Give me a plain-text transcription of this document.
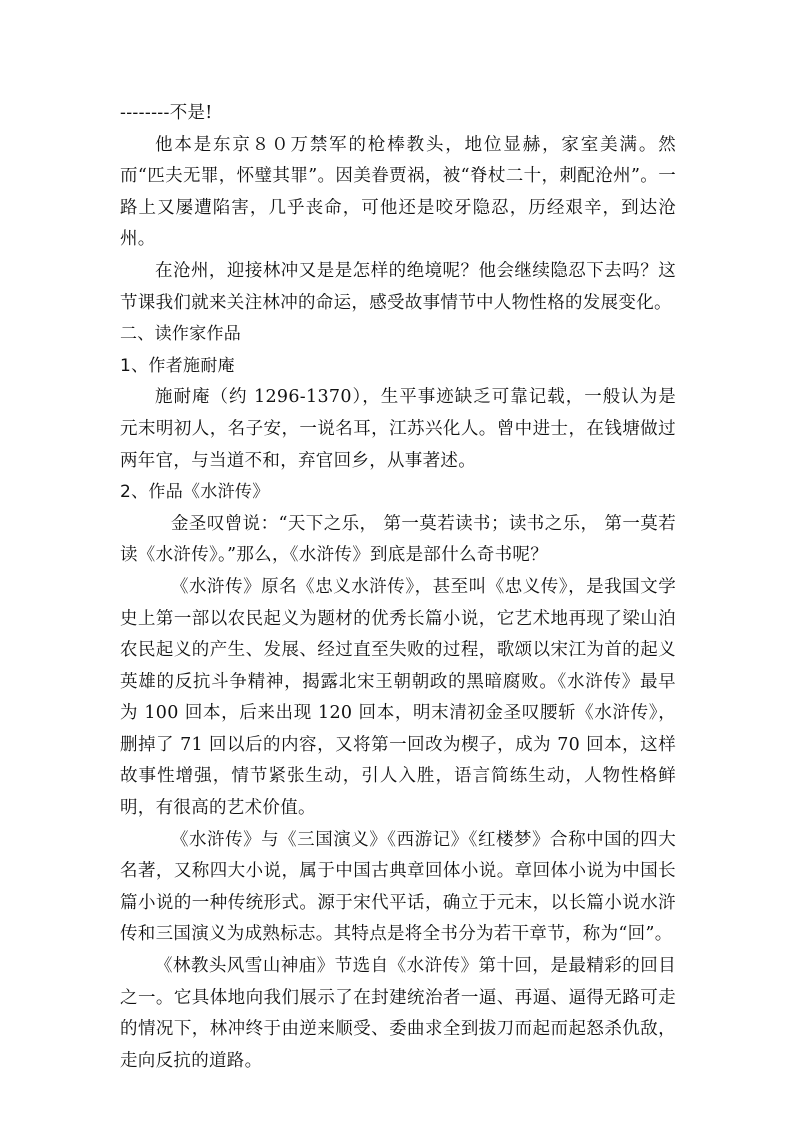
--------不是!

他本是东京８０万禁军的枪棒教头，地位显赫，家室美满。然而“匹夫无罪，怀璧其罪”。因美眷贾祸，被“脊杖二十，刺配沧州”。一路上又屡遭陷害，几乎丧命，可他还是咬牙隐忍，历经艰辛，到达沧州。

在沧州，迎接林冲又是是怎样的绝境呢？他会继续隐忍下去吗？这节课我们就来关注林冲的命运，感受故事情节中人物性格的发展变化。

二、读作家作品

1、作者施耐庵

施耐庵（约 1296-1370），生平事迹缺乏可靠记载，一般认为是元末明初人，名子安，一说名耳，江苏兴化人。曾中进士，在钱塘做过两年官，与当道不和，弃官回乡，从事著述。

2、作品《水浒传》

金圣叹曾说：“天下之乐， 第一莫若读书；读书之乐， 第一莫若读《水浒传》。”那么，《水浒传》到底是部什么奇书呢？

《水浒传》原名《忠义水浒传》，甚至叫《忠义传》，是我国文学史上第一部以农民起义为题材的优秀长篇小说，它艺术地再现了梁山泊农民起义的产生、发展、经过直至失败的过程，歌颂以宋江为首的起义英雄的反抗斗争精神，揭露北宋王朝朝政的黑暗腐败。《水浒传》最早为 100 回本，后来出现 120 回本，明末清初金圣叹腰斩《水浒传》，删掉了 71 回以后的内容，又将第一回改为楔子，成为 70 回本，这样故事性增强，情节紧张生动，引人入胜，语言简练生动，人物性格鲜明，有很高的艺术价值。

《水浒传》与《三国演义》《西游记》《红楼梦》合称中国的四大名著，又称四大小说，属于中国古典章回体小说。章回体小说为中国长篇小说的一种传统形式。源于宋代平话，确立于元末，以长篇小说水浒传和三国演义为成熟标志。其特点是将全书分为若干章节，称为“回”。

《林教头风雪山神庙》节选自《水浒传》第十回，是最精彩的回目之一。它具体地向我们展示了在封建统治者一逼、再逼、逼得无路可走的情况下，林冲终于由逆来顺受、委曲求全到拔刀而起而起怒杀仇敌，走向反抗的道路。
